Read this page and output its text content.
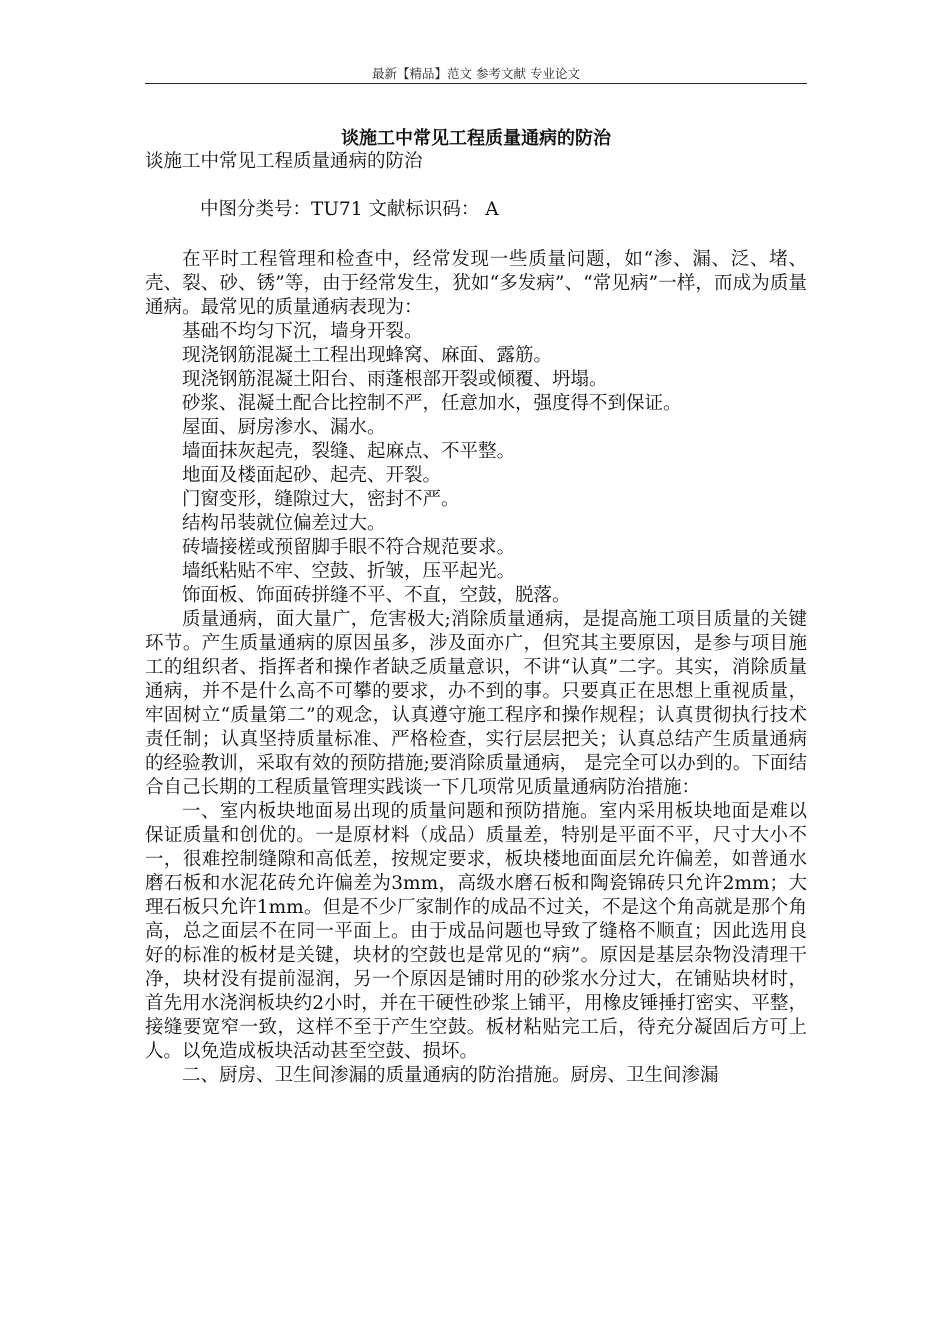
最新【精品】范文 参考文献 专业论文
谈施工中常见工程质量通病的防治

谈施工中常见工程质量通病的防治

中图分类号：TU71 文献标识码： A

在平时工程管理和检查中，经常发现一些质量问题，如“渗、漏、泛、堵、壳、裂、砂、锈”等，由于经常发生，犹如“多发病”、“常见病”一样，而成为质量通病。最常见的质量通病表现为：

基础不均匀下沉，墙身开裂。

现浇钢筋混凝土工程出现蜂窝、麻面、露筋。

现浇钢筋混凝土阳台、雨蓬根部开裂或倾覆、坍塌。

砂浆、混凝土配合比控制不严，任意加水，强度得不到保证。

屋面、厨房渗水、漏水。

墙面抹灰起壳，裂缝、起麻点、不平整。

地面及楼面起砂、起壳、开裂。

门窗变形，缝隙过大，密封不严。

结构吊装就位偏差过大。

砖墙接槎或预留脚手眼不符合规范要求。

墙纸粘贴不牢、空鼓、折皱，压平起光。

饰面板、饰面砖拼缝不平、不直，空鼓，脱落。

质量通病，面大量广，危害极大;消除质量通病，是提高施工项目质量的关键环节。产生质量通病的原因虽多，涉及面亦广，但究其主要原因，是参与项目施工的组织者、指挥者和操作者缺乏质量意识，不讲“认真”二字。其实，消除质量通病，并不是什么高不可攀的要求，办不到的事。只要真正在思想上重视质量，牢固树立“质量第二”的观念，认真遵守施工程序和操作规程；认真贯彻执行技术责任制；认真坚持质量标准、严格检查，实行层层把关；认真总结产生质量通病的经验教训，采取有效的预防措施;要消除质量通病， 是完全可以办到的。下面结合自己长期的工程质量管理实践谈一下几项常见质量通病防治措施：

一、室内板块地面易出现的质量问题和预防措施。室内采用板块地面是难以保证质量和创优的。一是原材料（成品）质量差，特别是平面不平，尺寸大小不一，很难控制缝隙和高低差，按规定要求，板块楼地面面层允许偏差，如普通水磨石板和水泥花砖允许偏差为3mm，高级水磨石板和陶瓷锦砖只允许2mm；大理石板只允许1mm。但是不少厂家制作的成品不过关，不是这个角高就是那个角高，总之面层不在同一平面上。由于成品问题也导致了缝格不顺直；因此选用良好的标准的板材是关键，块材的空鼓也是常见的“病”。原因是基层杂物没清理干净，块材没有提前湿润，另一个原因是铺时用的砂浆水分过大，在铺贴块材时，首先用水浇润板块约2小时，并在干硬性砂浆上铺平，用橡皮锤捶打密实、平整，接缝要宽窄一致，这样不至于产生空鼓。板材粘贴完工后，待充分凝固后方可上人。以免造成板块活动甚至空鼓、损坏。

二、厨房、卫生间渗漏的质量通病的防治措施。厨房、卫生间渗漏
